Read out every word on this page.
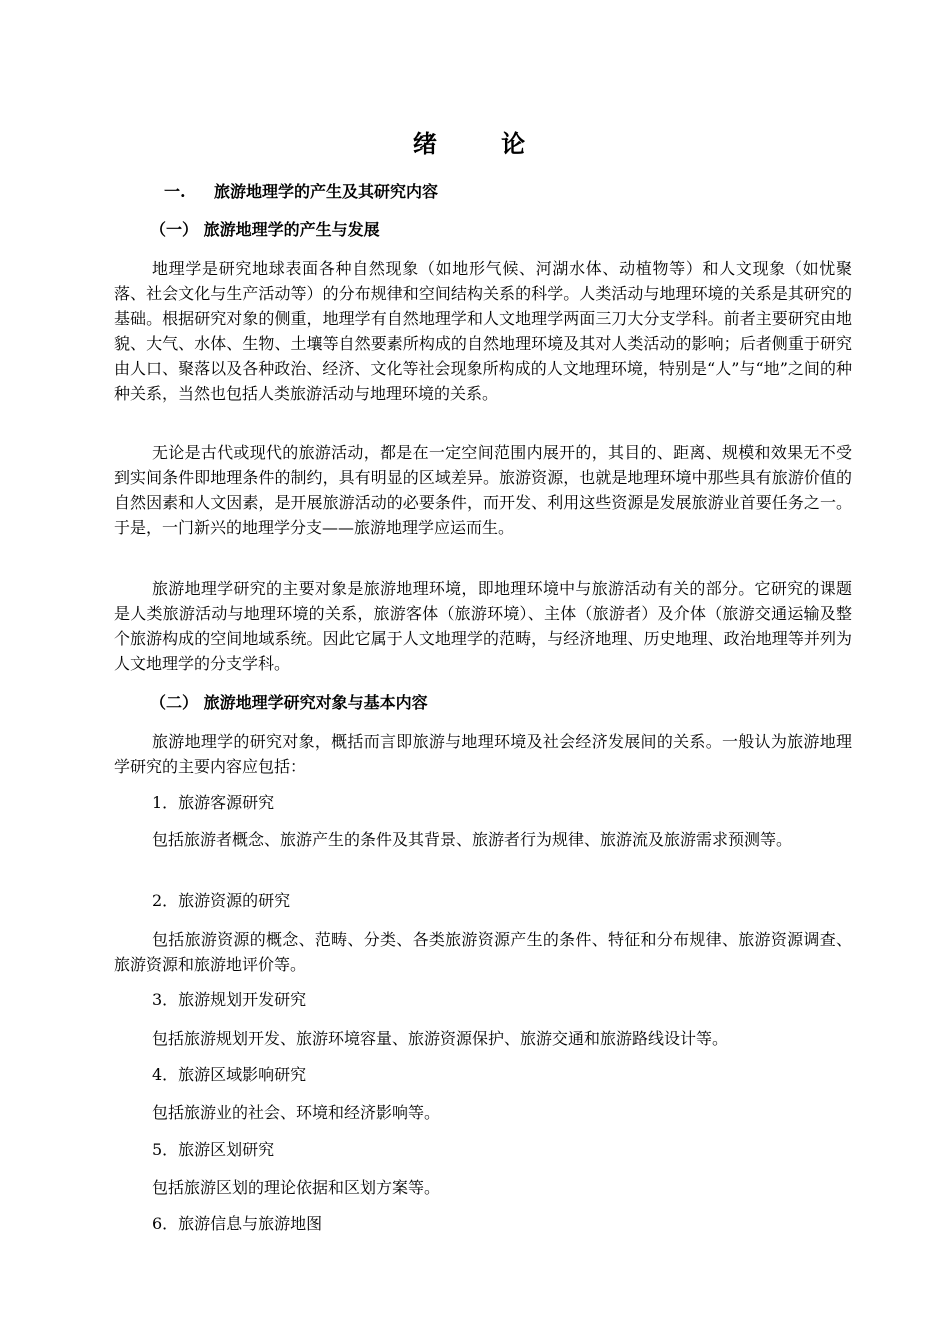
绪 论
一. 旅游地理学的产生及其研究内容
（一） 旅游地理学的产生与发展

地理学是研究地球表面各种自然现象（如地形气候、河湖水体、动植物等）和人文现象（如忧聚落、社会文化与生产活动等）的分布规律和空间结构关系的科学。人类活动与地理环境的关系是其研究的基础。根据研究对象的侧重，地理学有自然地理学和人文地理学两面三刀大分支学科。前者主要研究由地貌、大气、水体、生物、土壤等自然要素所构成的自然地理环境及其对人类活动的影响；后者侧重于研究由人口、聚落以及各种政治、经济、文化等社会现象所构成的人文地理环境，特别是“人”与“地”之间的种种关系，当然也包括人类旅游活动与地理环境的关系。

无论是古代或现代的旅游活动，都是在一定空间范围内展开的，其目的、距离、规模和效果无不受到实间条件即地理条件的制约，具有明显的区域差异。旅游资源，也就是地理环境中那些具有旅游价值的自然因素和人文因素，是开展旅游活动的必要条件，而开发、利用这些资源是发展旅游业首要任务之一。于是，一门新兴的地理学分支——旅游地理学应运而生。

旅游地理学研究的主要对象是旅游地理环境，即地理环境中与旅游活动有关的部分。它研究的课题是人类旅游活动与地理环境的关系，旅游客体（旅游环境）、主体（旅游者）及介体（旅游交通运输及整个旅游构成的空间地域系统。因此它属于人文地理学的范畴，与经济地理、历史地理、政治地理等并列为人文地理学的分支学科。

（二） 旅游地理学研究对象与基本内容

旅游地理学的研究对象，概括而言即旅游与地理环境及社会经济发展间的关系。一般认为旅游地理学研究的主要内容应包括：

1．旅游客源研究

包括旅游者概念、旅游产生的条件及其背景、旅游者行为规律、旅游流及旅游需求预测等。

2．旅游资源的研究

包括旅游资源的概念、范畴、分类、各类旅游资源产生的条件、特征和分布规律、旅游资源调查、旅游资源和旅游地评价等。

3．旅游规划开发研究

包括旅游规划开发、旅游环境容量、旅游资源保护、旅游交通和旅游路线设计等。

4．旅游区域影响研究

包括旅游业的社会、环境和经济影响等。

5．旅游区划研究

包括旅游区划的理论依据和区划方案等。

6．旅游信息与旅游地图
